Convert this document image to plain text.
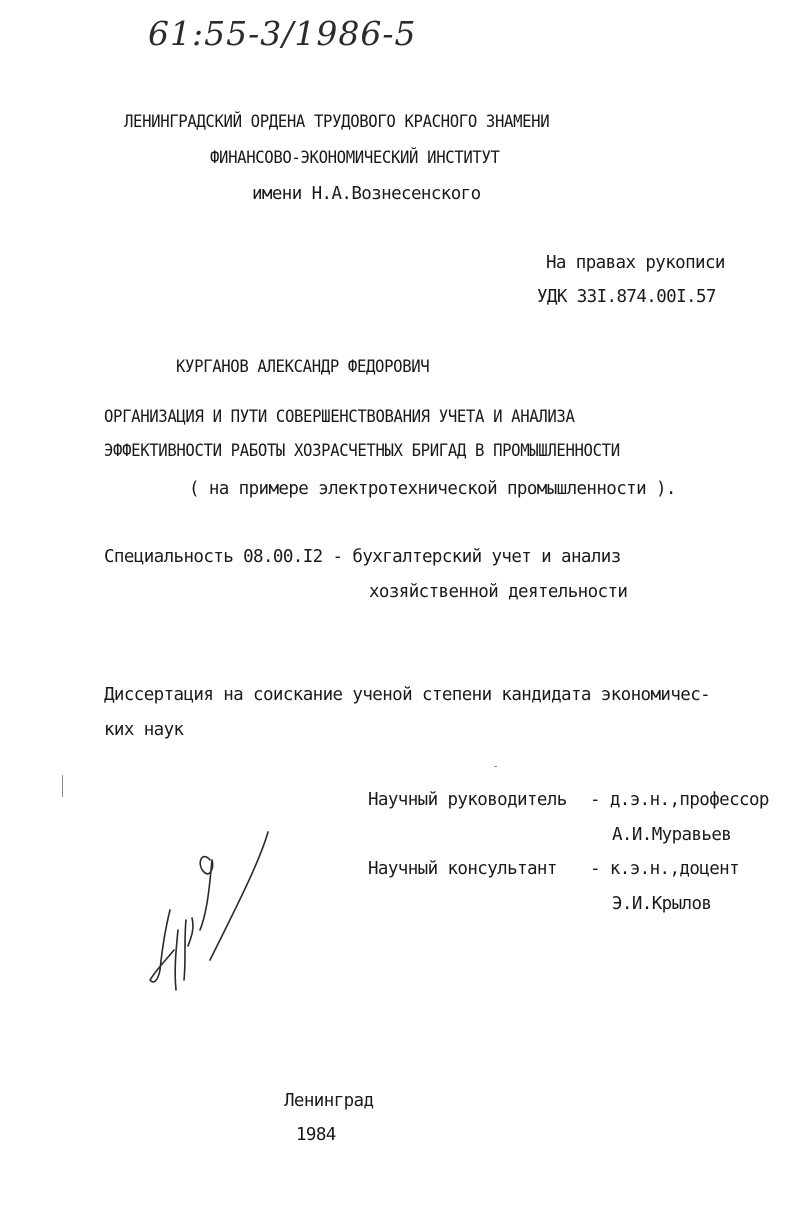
61:55-3/1986-5
ЛЕНИНГРАДСКИЙ ОРДЕНА ТРУДОВОГО КРАСНОГО ЗНАМЕНИ
ФИНАНСОВО-ЭКОНОМИЧЕСКИЙ ИНСТИТУТ
имени Н.А.Вознесенского
На правах рукописи
УДК 33I.874.00I.57
КУРГАНОВ АЛЕКСАНДР ФЕДОРОВИЧ
ОРГАНИЗАЦИЯ И ПУТИ СОВЕРШЕНСТВОВАНИЯ УЧЕТА И АНАЛИЗА
ЭФФЕКТИВНОСТИ РАБОТЫ ХОЗРАСЧЕТНЫХ БРИГАД В ПРОМЫШЛЕННОСТИ
( на примере электротехнической промышленности ).
Специальность 08.00.I2 - бухгалтерский учет и анализ
хозяйственной деятельности
Диссертация на соискание ученой степени кандидата экономичес-
ких наук
Научный руководитель - д.э.н.,профессор
А.И.Муравьев
Научный консультант - к.э.н.,доцент
Э.И.Крылов
Ленинград
1984
